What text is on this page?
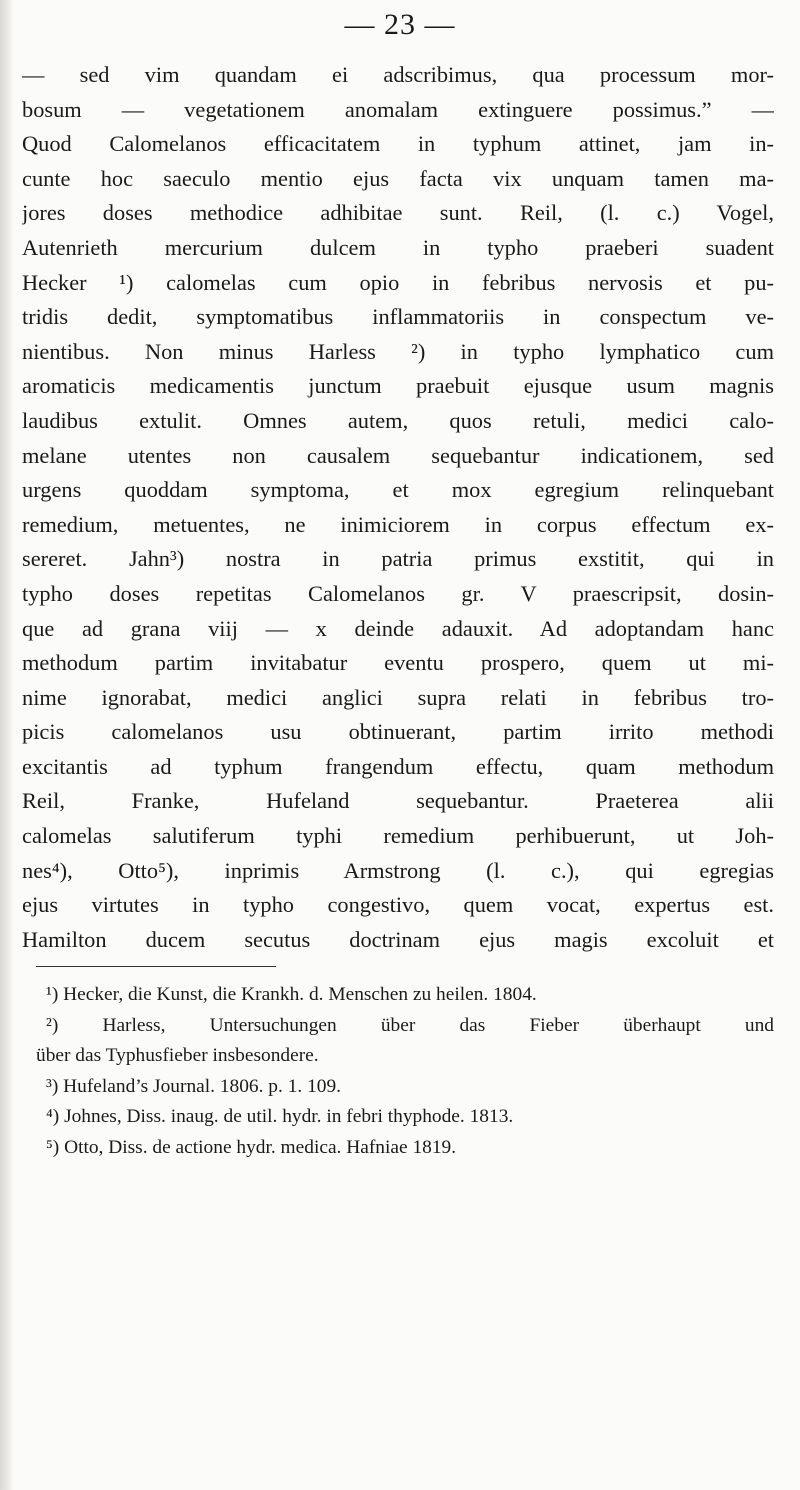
— 23 —
— sed vim quandam ei adscribimus, qua processum mor-
bosum — vegetationem anomalam extinguere possimus.” —
Quod Calomelanos efficacitatem in typhum attinet, jam in-
cunte hoc saeculo mentio ejus facta vix unquam tamen ma-
jores doses methodice adhibitae sunt. Reil, (l. c.) Vogel,
Autenrieth mercurium dulcem in typho praeberi suadent
Hecker ¹) calomelas cum opio in febribus nervosis et pu-
tridis dedit, symptomatibus inflammatoriis in conspectum ve-
nientibus. Non minus Harless ²) in typho lymphatico cum
aromaticis medicamentis junctum praebuit ejusque usum magnis
laudibus extulit. Omnes autem, quos retuli, medici calo-
melane utentes non causalem sequebantur indicationem, sed
urgens quoddam symptoma, et mox egregium relinquebant
remedium, metuentes, ne inimiciorem in corpus effectum ex-
sereret. Jahn³) nostra in patria primus exstitit, qui in
typho doses repetitas Calomelanos gr. V praescripsit, dosin-
que ad grana viij — x deinde adauxit. Ad adoptandam hanc
methodum partim invitabatur eventu prospero, quem ut mi-
nime ignorabat, medici anglici supra relati in febribus tro-
picis calomelanos usu obtinuerant, partim irrito methodi
excitantis ad typhum frangendum effectu, quam methodum
Reil, Franke, Hufeland sequebantur. Praeterea alii
calomelas salutiferum typhi remedium perhibuerunt, ut Joh-
nes⁴), Otto⁵), inprimis Armstrong (l. c.), qui egregias
ejus virtutes in typho congestivo, quem vocat, expertus est.
Hamilton ducem secutus doctrinam ejus magis excoluit et
¹) Hecker, die Kunst, die Krankh. d. Menschen zu heilen. 1804.
²) Harless, Untersuchungen über das Fieber überhaupt und
über das Typhusfieber insbesondere.
³) Hufeland’s Journal. 1806. p. 1. 109.
⁴) Johnes, Diss. inaug. de util. hydr. in febri thyphode. 1813.
⁵) Otto, Diss. de actione hydr. medica. Hafniae 1819.
